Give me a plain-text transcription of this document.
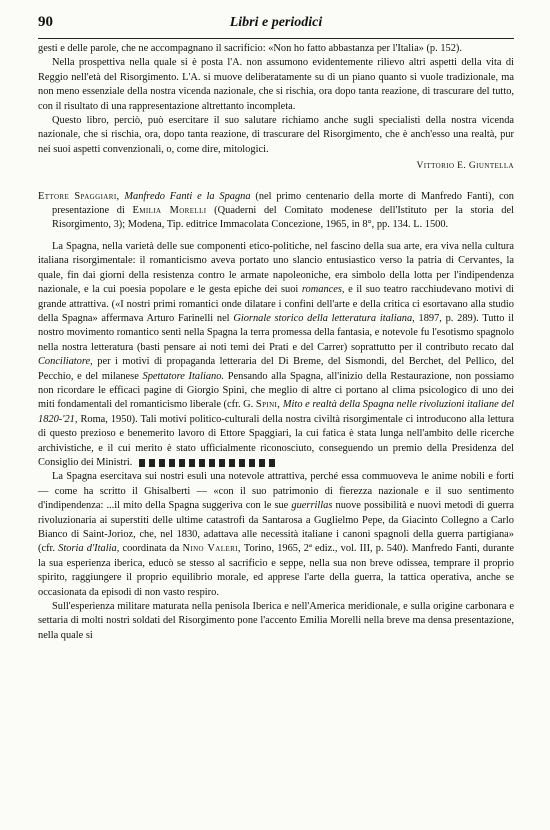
90	Libri e periodici

gesti e delle parole, che ne accompagnano il sacrificio: «Non ho fatto abbastanza per l'Italia» (p. 152).

Nella prospettiva nella quale si è posta l'A. non assumono evidentemente rilievo altri aspetti della vita di Reggio nell'età del Risorgimento. L'A. si muove deliberatamente su di un piano quanto si vuole tradizionale, ma non meno essenziale della nostra vicenda nazionale, che si rischia, ora dopo tanta reazione, di trascurare del tutto, con il risultato di una rappresentazione altrettanto incompleta.

Questo libro, perciò, può esercitare il suo salutare richiamo anche sugli specialisti della nostra vicenda nazionale, che si rischia, ora, dopo tanta reazione, di trascurare del Risorgimento, che è anch'esso una realtà, pur nei suoi aspetti convenzionali, o, come dire, mitologici.

Vittorio E. Giuntella

Ettore Spaggiari, Manfredo Fanti e la Spagna (nel primo centenario della morte di Manfredo Fanti), con presentazione di Emilia Morelli (Quaderni del Comitato modenese dell'Istituto per la storia del Risorgimento, 3); Modena, Tip. editrice Immacolata Concezione, 1965, in 8°, pp. 134. L. 1500.

La Spagna, nella varietà delle sue componenti etico-politiche, nel fascino della sua arte, era viva nella cultura italiana risorgimentale: il romanticismo aveva portato uno slancio entusiastico verso la patria di Cervantes, la quale, fin dai giorni della resistenza contro le armate napoleoniche, era simbolo della lotta per l'indipendenza nazionale, e la cui poesia popolare e le gesta epiche dei suoi romances, e il suo teatro racchiudevano motivi di grande attrattiva. («I nostri primi romantici onde dilatare i confini dell'arte e della critica ci esortavano alla studio della Spagna» affermava Arturo Farinelli nel Giornale storico della letteratura italiana, 1897, p. 289). Tutto il nostro movimento romantico sentì nella Spagna la terra promessa della fantasia, e notevole fu l'esotismo spagnolo nella nostra letteratura (basti pensare ai noti temi dei Prati e del Carrer) soprattutto per il contributo recato dal Conciliatore, per i motivi di propaganda letteraria del Di Breme, del Sismondi, del Berchet, del Pellico, del Pecchio, e del milanese Spettatore Italiano. Pensando alla Spagna, all'inizio della Restaurazione, non possiamo non ricordare le efficaci pagine di Giorgio Spini, che meglio di altre ci portano al clima psicologico di uno dei miti fondamentali del romanticismo liberale (cfr. G. Spini, Mito e realtà della Spagna nelle rivoluzioni italiane del 1820-'21, Roma, 1950). Tali motivi politico-culturali della nostra civiltà risorgimentale ci introducono alla lettura di questo prezioso e benemerito lavoro di Ettore Spaggiari, la cui fatica è stata lunga nell'ambito delle ricerche archivistiche, e il cui merito è stato ufficialmente riconosciuto, conseguendo un premio della Presidenza del Consiglio dei Ministri.

La Spagna esercitava sui nostri esuli una notevole attrattiva, perché essa commuoveva le anime nobili e forti — come ha scritto il Ghisalberti — «con il suo patrimonio di fierezza nazionale e il suo sentimento d'indipendenza: ...il mito della Spagna suggeriva con le sue guerrillas nuove possibilità e nuovi metodi di guerra rivoluzionaria ai superstiti delle ultime catastrofi da Santarosa a Guglielmo Pepe, da Giacinto Collegno a Carlo Bianco di Saint-Jorioz, che, nel 1830, adattava alle necessità italiane i canoni spagnoli della guerra partigiana» (cfr. Storia d'Italia, coordinata da Nino Valeri, Torino, 1965, 2ª ediz., vol. III, p. 540). Manfredo Fanti, durante la sua esperienza iberica, educò se stesso al sacrificio e seppe, nella sua non breve odissea, temprare il proprio spirito, raggiungere il proprio equilibrio morale, ed apprese l'arte della guerra, la tattica operativa, anche se occasionata da episodi di non vasto respiro.

Sull'esperienza militare maturata nella penisola Iberica e nell'America meridionale, e sulla origine carbonara e settaria di molti nostri soldati del Risorgimento pone l'accento Emilia Morelli nella breve ma densa presentazione, nella quale si
